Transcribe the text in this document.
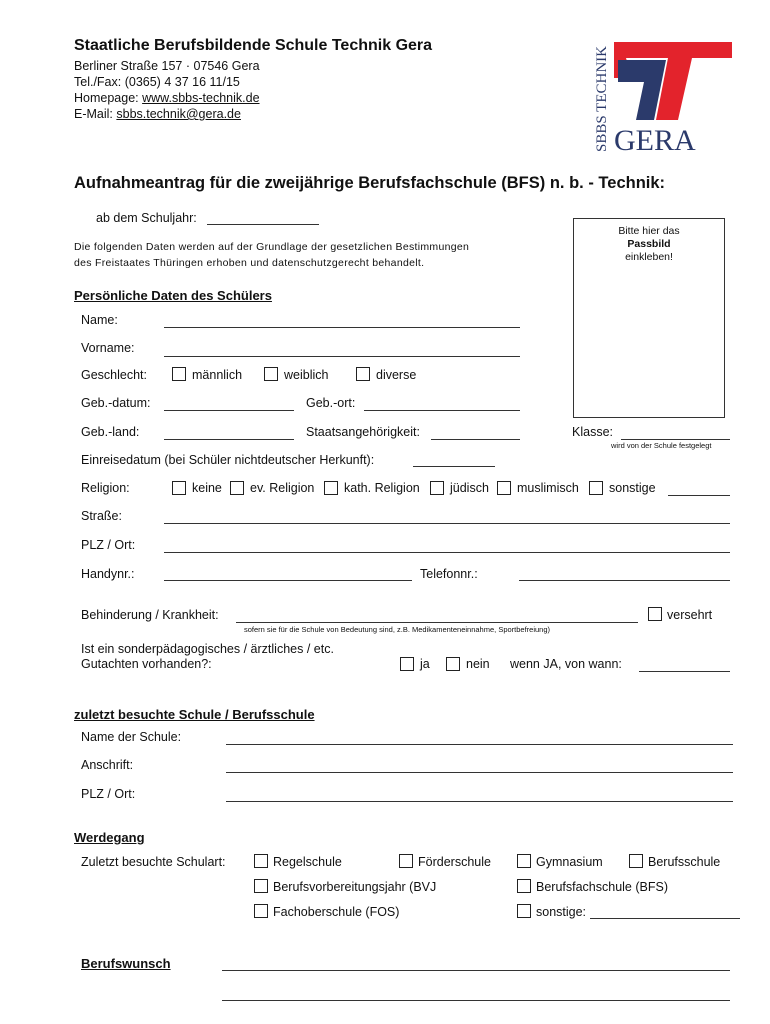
Staatliche Berufsbildende Schule Technik Gera
Berliner Straße 157 · 07546 Gera
Tel./Fax: (0365) 4 37 16 11/15
Homepage: www.sbbs-technik.de
E-Mail: sbbs.technik@gera.de	SBBS TECHNIK GERA
Aufnahmeantrag für die zweijährige Berufsfachschule (BFS) n. b. - Technik:
ab dem Schuljahr:
Die folgenden Daten werden auf der Grundlage der gesetzlichen Bestimmungen
des Freistaates Thüringen erhoben und datenschutzgerecht behandelt.
Bitte hier das
Passbild
einkleben!
Persönliche Daten des Schülers
Name:
Vorname:
Geschlecht:	männlich	weiblich	diverse
Geb.-datum:	Geb.-ort:
Geb.-land:	Staatsangehörigkeit:	Klasse:
wird von der Schule festgelegt
Einreisedatum (bei Schüler nichtdeutscher Herkunft):
Religion:	keine ev. Religion kath. Religion jüdisch muslimisch sonstige
Straße:
PLZ / Ort:
Handynr.:	Telefonnr.:
Behinderung / Krankheit:
sofern sie für die Schule von Bedeutung sind, z.B. Medikamenteneinnahme, Sportbefreiung)
versehrt
Ist ein sonderpädagogisches / ärztliches / etc.
Gutachten vorhanden?:	ja	nein wenn JA, von wann:
zuletzt besuchte Schule / Berufsschule
Name der Schule:
Anschrift:
PLZ / Ort:
Werdegang
Zuletzt besuchte Schulart:	Regelschule	Förderschule	Gymnasium	Berufsschule
Berufsvorbereitungsjahr (BVJ	Berufsfachschule (BFS)
Fachoberschule (FOS)	sonstige:
Berufswunsch
